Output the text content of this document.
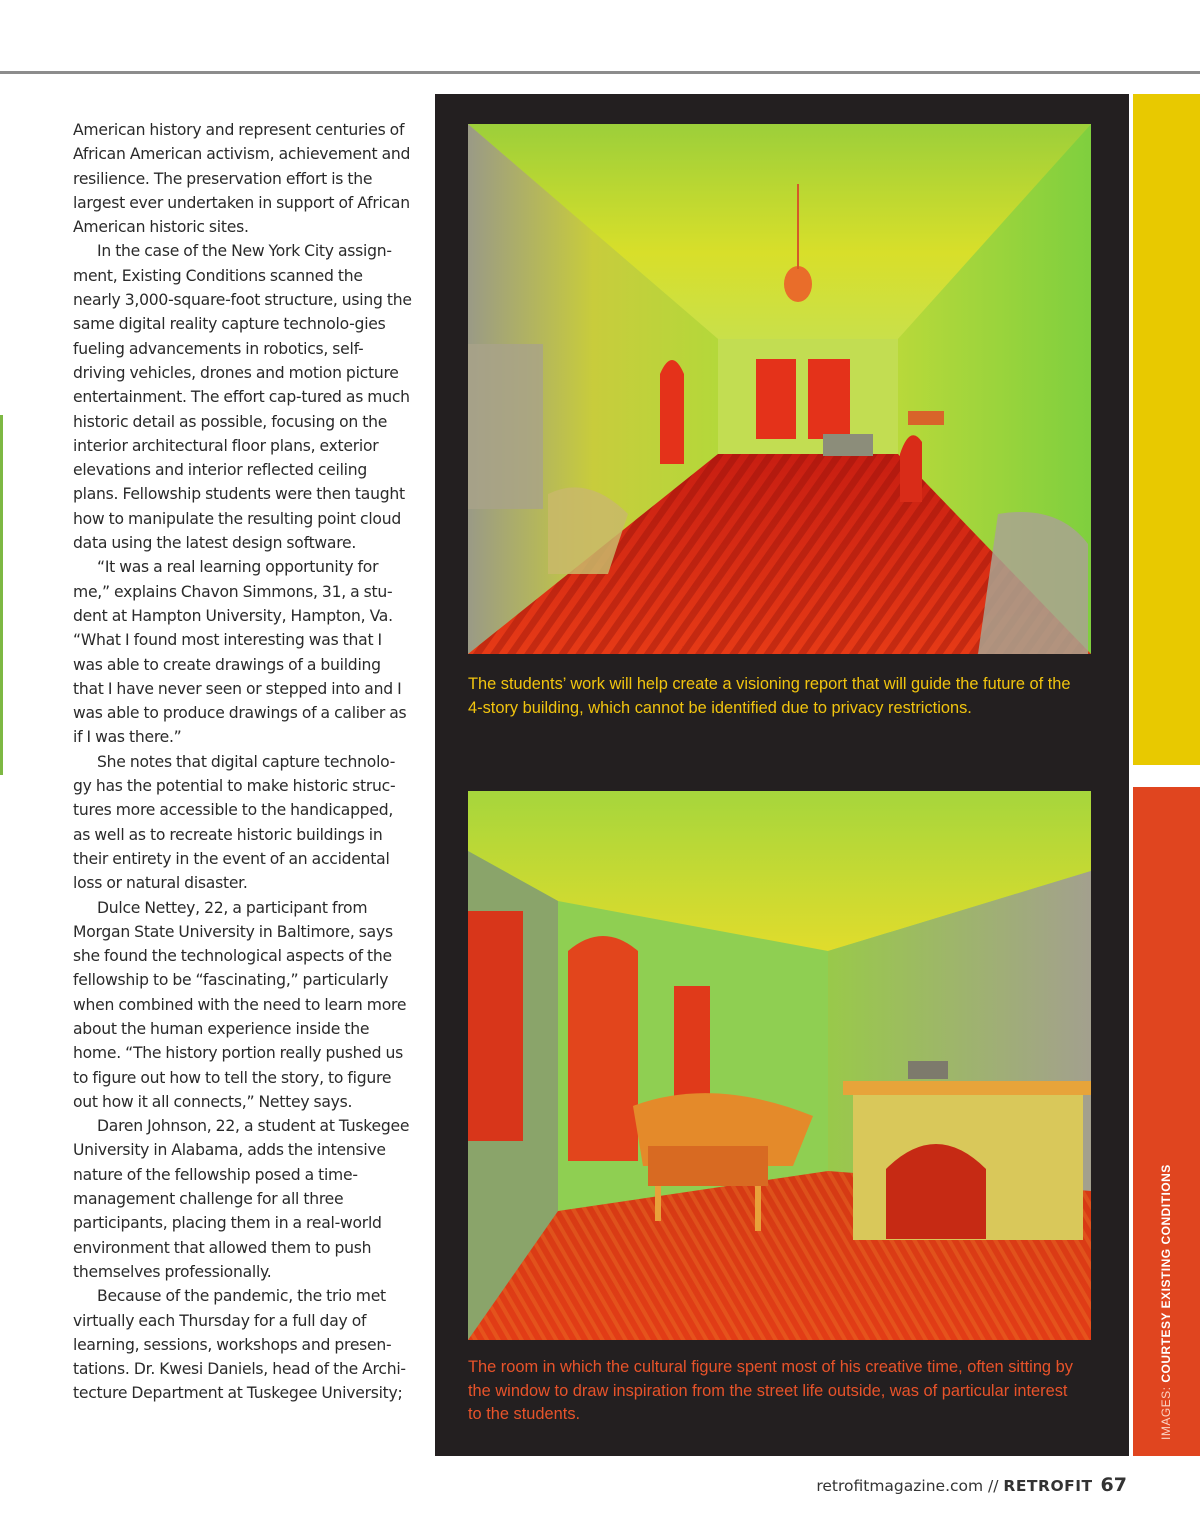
American history and represent centuries of African American activism, achievement and resilience. The preservation effort is the largest ever undertaken in support of African American historic sites.

In the case of the New York City assign-ment, Existing Conditions scanned the nearly 3,000-square-foot structure, using the same digital reality capture technolo-gies fueling advancements in robotics, self-driving vehicles, drones and motion picture entertainment. The effort cap-tured as much historic detail as possible, focusing on the interior architectural floor plans, exterior elevations and interior reflected ceiling plans. Fellowship students were then taught how to manipulate the resulting point cloud data using the latest design software.

“It was a real learning opportunity for me,” explains Chavon Simmons, 31, a stu-dent at Hampton University, Hampton, Va. “What I found most interesting was that I was able to create drawings of a building that I have never seen or stepped into and I was able to produce drawings of a caliber as if I was there.”

She notes that digital capture technolo-gy has the potential to make historic struc-tures more accessible to the handicapped, as well as to recreate historic buildings in their entirety in the event of an accidental loss or natural disaster.

Dulce Nettey, 22, a participant from Morgan State University in Baltimore, says she found the technological aspects of the fellowship to be “fascinating,” particularly when combined with the need to learn more about the human experience inside the home. “The history portion really pushed us to figure out how to tell the story, to figure out how it all connects,” Nettey says.

Daren Johnson, 22, a student at Tuskegee University in Alabama, adds the intensive nature of the fellowship posed a time-management challenge for all three participants, placing them in a real-world environment that allowed them to push themselves professionally.

Because of the pandemic, the trio met virtually each Thursday for a full day of learning, sessions, workshops and presen-tations. Dr. Kwesi Daniels, head of the Archi-tecture Department at Tuskegee University;

The students’ work will help create a visioning report that will guide the future of the 4-story building, which cannot be identified due to privacy restrictions.
The room in which the cultural figure spent most of his creative time, often sitting by the window to draw inspiration from the street life outside, was of particular interest to the students.	IMAGES: COURTESY EXISTING CONDITIONS
retrofitmagazine.com // RETROFIT 67
